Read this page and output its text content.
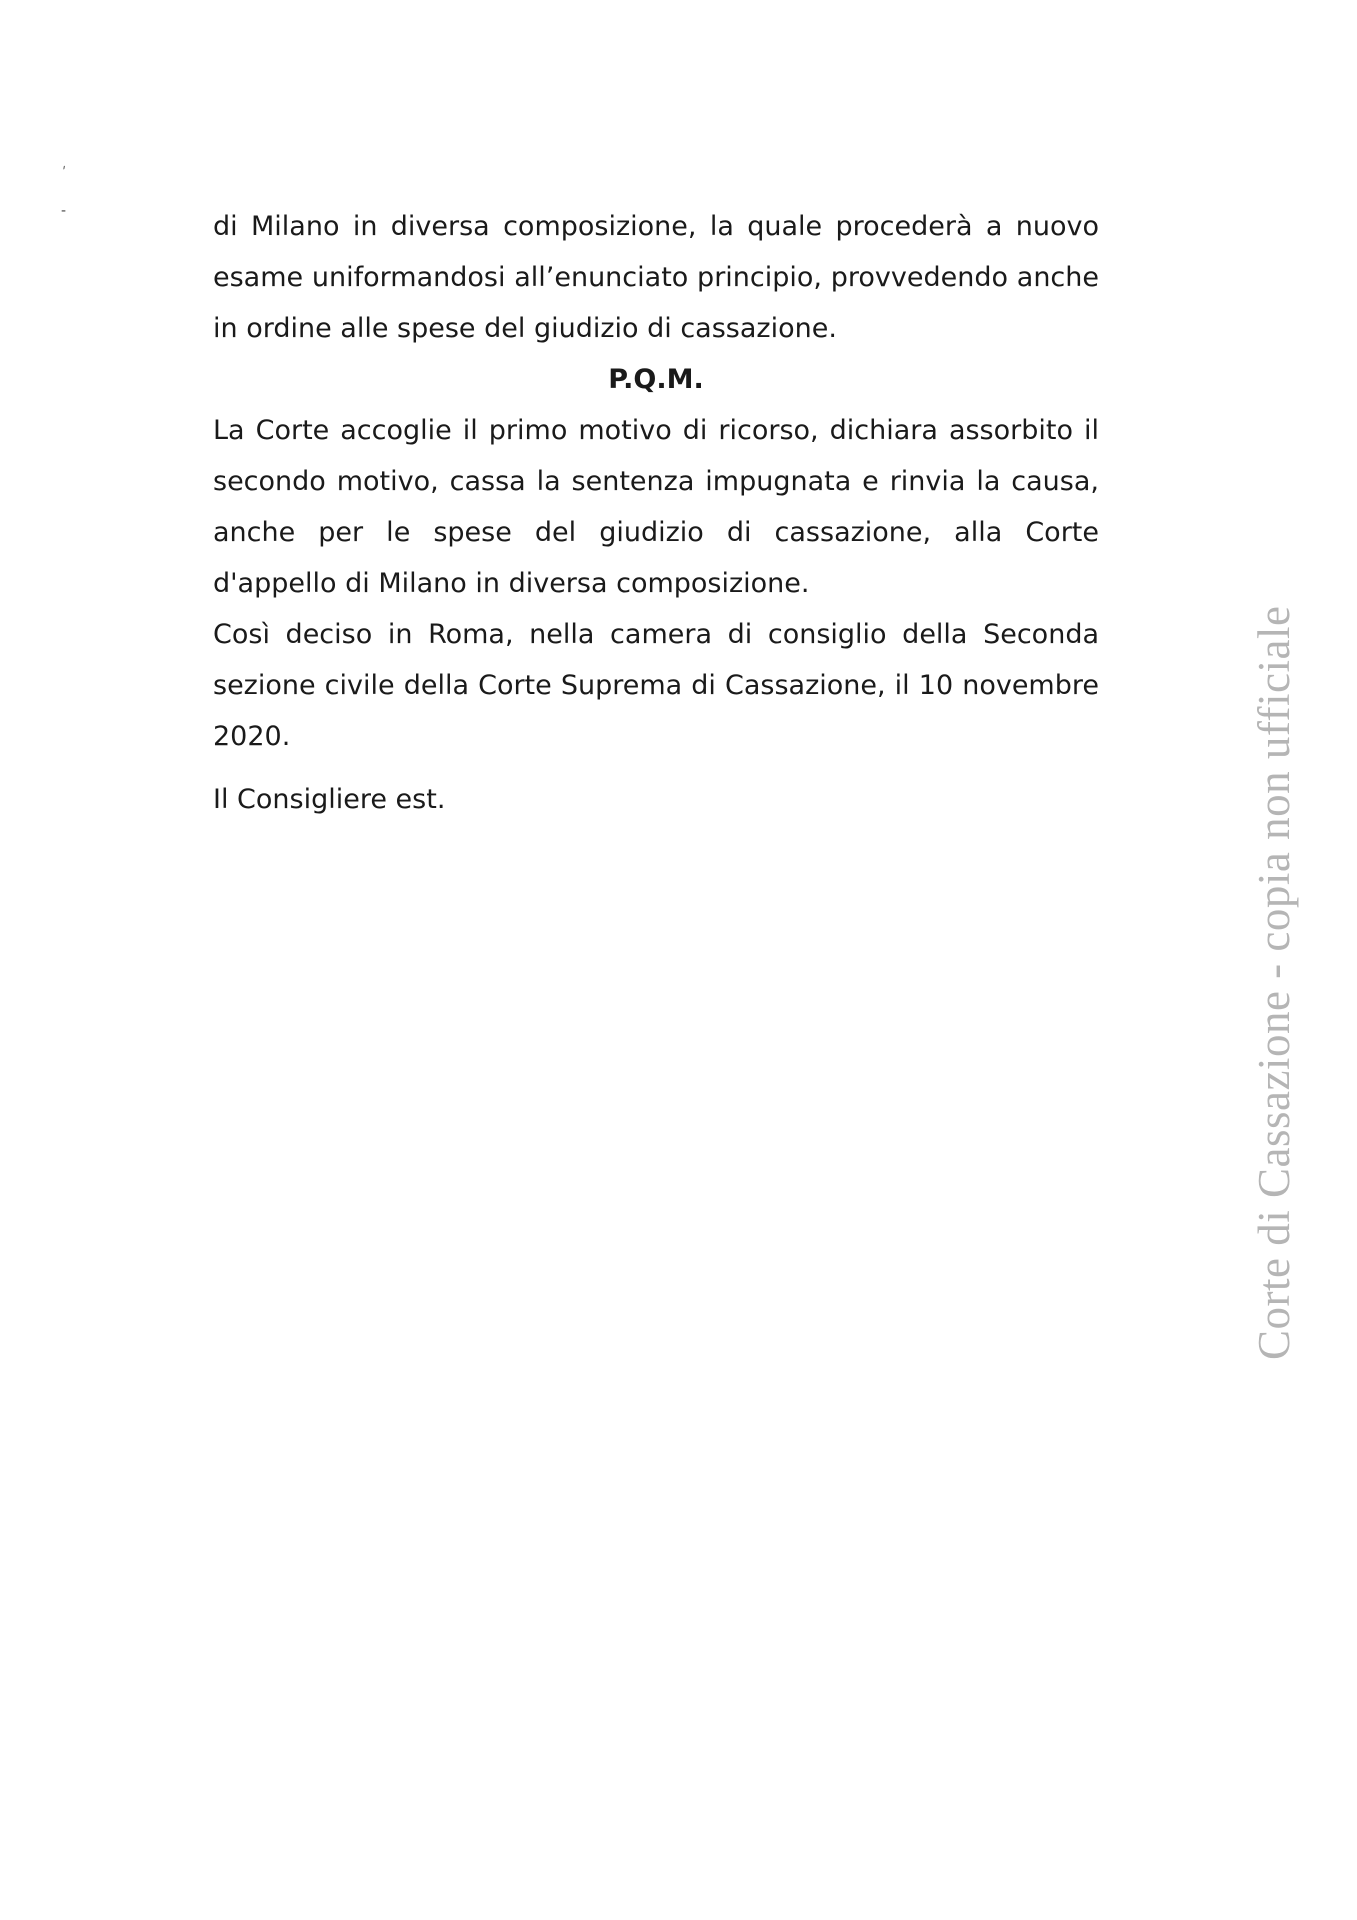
´
-	di Milano in diversa composizione, la quale procederà a nuovo esame uniformandosi all’enunciato principio, provvedendo anche in ordine alle spese del giudizio di cassazione.

P.Q.M.

La Corte accoglie il primo motivo di ricorso, dichiara assorbito il secondo motivo, cassa la sentenza impugnata e rinvia la causa, anche per le spese del giudizio di cassazione, alla Corte d'appello di Milano in diversa composizione.

Così deciso in Roma, nella camera di consiglio della Seconda sezione civile della Corte Suprema di Cassazione, il 10 novembre 2020.

Il Consigliere est.	Corte di Cassazione - copia non ufficiale
